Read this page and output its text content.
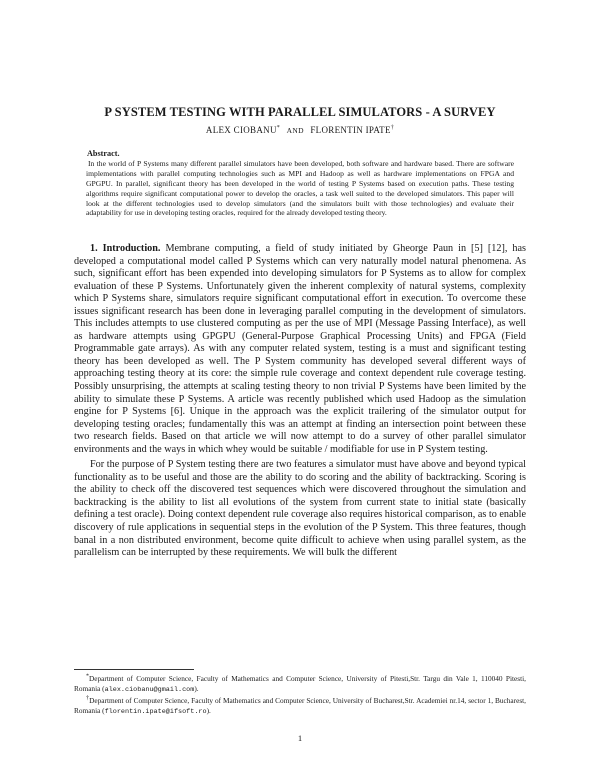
P SYSTEM TESTING WITH PARALLEL SIMULATORS - A SURVEY
ALEX CIOBANU* AND FLORENTIN IPATE†
Abstract.
In the world of P Systems many different parallel simulators have been developed, both software and hardware based. There are software implementations with parallel computing technologies such as MPI and Hadoop as well as hardware implementations on FPGA and GPGPU. In parallel, significant theory has been developed in the world of testing P Systems based on execution paths. These testing algorithms require significant computational power to develop the oracles, a task well suited to the developed simulators. This paper will look at the different technologies used to develop simulators (and the simulators built with those technologies) and evaluate their adaptability for use in developing testing oracles, required for the already developed testing theory.

1. Introduction. Membrane computing, a field of study initiated by Gheorge Paun in [5] [12], has developed a computational model called P Systems which can very naturally model natural phenomena. As such, significant effort has been expended into developing simulators for P Systems as to allow for complex evaluation of these P Systems. Unfortunately given the inherent complexity of natural systems, complexity which P Systems share, simulators require significant computational effort in execution. To overcome these issues significant research has been done in leveraging parallel computing in the development of simulators. This includes attempts to use clustered computing as per the use of MPI (Message Passing Interface), as well as hardware attempts using GPGPU (General-Purpose Graphical Processing Units) and FPGA (Field Programmable gate arrays). As with any computer related system, testing is a must and significant testing theory has been developed as well. The P System community has developed several different ways of approaching testing theory at its core: the simple rule coverage and context dependent rule coverage testing. Possibly unsurprising, the attempts at scaling testing theory to non trivial P Systems have been limited by the ability to simulate these P Systems. A article was recently published which used Hadoop as the simulation engine for P Systems [6]. Unique in the approach was the explicit trailering of the simulator output for developing testing oracles; fundamentally this was an attempt at finding an intersection point between these two research fields. Based on that article we will now attempt to do a survey of other parallel simulator environments and the ways in which whey would be suitable / modifiable for use in P System testing.

For the purpose of P System testing there are two features a simulator must have above and beyond typical functionality as to be useful and those are the ability to do scoring and the ability of backtracking. Scoring is the ability to check off the discovered test sequences which were discovered throughout the simulation and backtracking is the ability to list all evolutions of the system from current state to initial state (basically defining a test oracle). Doing context dependent rule coverage also requires historical comparison, as to enable discovery of rule applications in sequential steps in the evolution of the P System. This three features, though banal in a non distributed environment, become quite difficult to achieve when using parallel system, as the parallelism can be interrupted by these requirements. We will bulk the different

*Department of Computer Science, Faculty of Mathematics and Computer Science, University of Pitesti,Str. Targu din Vale 1, 110040 Pitesti, Romania (alex.ciobanu@gmail.com).

†Department of Computer Science, Faculty of Mathematics and Computer Science, University of Bucharest,Str. Academiei nr.14, sector 1, Bucharest, Romania (florentin.ipate@ifsoft.ro).

1
